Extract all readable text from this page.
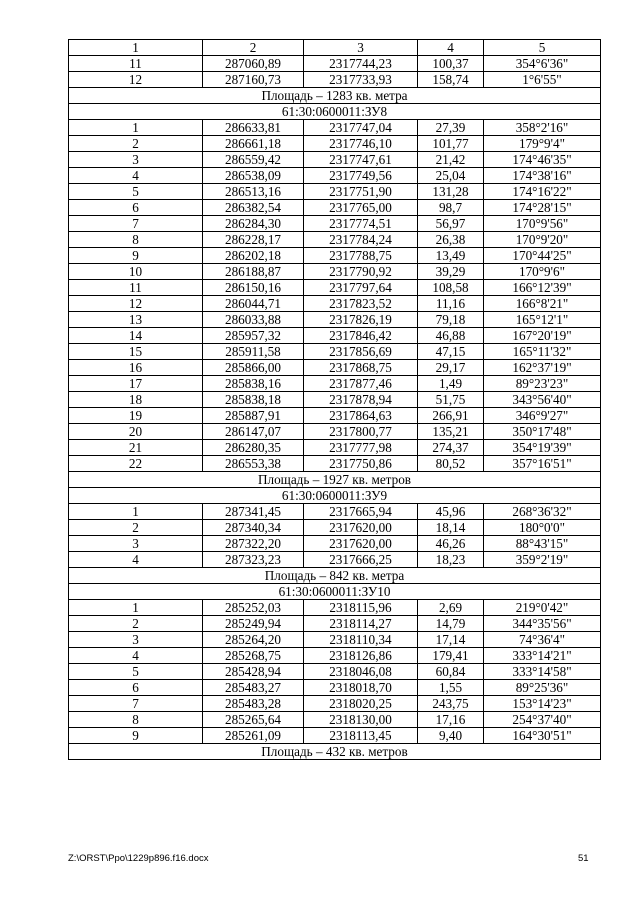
1	2	3	4	5
11	287060,89	2317744,23	100,37	354°6'36"
12	287160,73	2317733,93	158,74	1°6'55"
Площадь – 1283 кв. метра				
61:30:0600011:ЗУ8				
1	286633,81	2317747,04	27,39	358°2'16"
2	286661,18	2317746,10	101,77	179°9'4"
3	286559,42	2317747,61	21,42	174°46'35"
4	286538,09	2317749,56	25,04	174°38'16"
5	286513,16	2317751,90	131,28	174°16'22"
6	286382,54	2317765,00	98,7	174°28'15"
7	286284,30	2317774,51	56,97	170°9'56"
8	286228,17	2317784,24	26,38	170°9'20"
9	286202,18	2317788,75	13,49	170°44'25"
10	286188,87	2317790,92	39,29	170°9'6"
11	286150,16	2317797,64	108,58	166°12'39"
12	286044,71	2317823,52	11,16	166°8'21"
13	286033,88	2317826,19	79,18	165°12'1"
14	285957,32	2317846,42	46,88	167°20'19"
15	285911,58	2317856,69	47,15	165°11'32"
16	285866,00	2317868,75	29,17	162°37'19"
17	285838,16	2317877,46	1,49	89°23'23"
18	285838,18	2317878,94	51,75	343°56'40"
19	285887,91	2317864,63	266,91	346°9'27"
20	286147,07	2317800,77	135,21	350°17'48"
21	286280,35	2317777,98	274,37	354°19'39"
22	286553,38	2317750,86	80,52	357°16'51"
Площадь – 1927 кв. метров				
61:30:0600011:ЗУ9				
1	287341,45	2317665,94	45,96	268°36'32"
2	287340,34	2317620,00	18,14	180°0'0"
3	287322,20	2317620,00	46,26	88°43'15"
4	287323,23	2317666,25	18,23	359°2'19"
Площадь – 842 кв. метра				
61:30:0600011:ЗУ10				
1	285252,03	2318115,96	2,69	219°0'42"
2	285249,94	2318114,27	14,79	344°35'56"
3	285264,20	2318110,34	17,14	74°36'4"
4	285268,75	2318126,86	179,41	333°14'21"
5	285428,94	2318046,08	60,84	333°14'58"
6	285483,27	2318018,70	1,55	89°25'36"
7	285483,28	2318020,25	243,75	153°14'23"
8	285265,64	2318130,00	17,16	254°37'40"
9	285261,09	2318113,45	9,40	164°30'51"
Площадь – 432 кв. метров				
Z:\ORST\Ppo\1229p896.f16.docx	51
